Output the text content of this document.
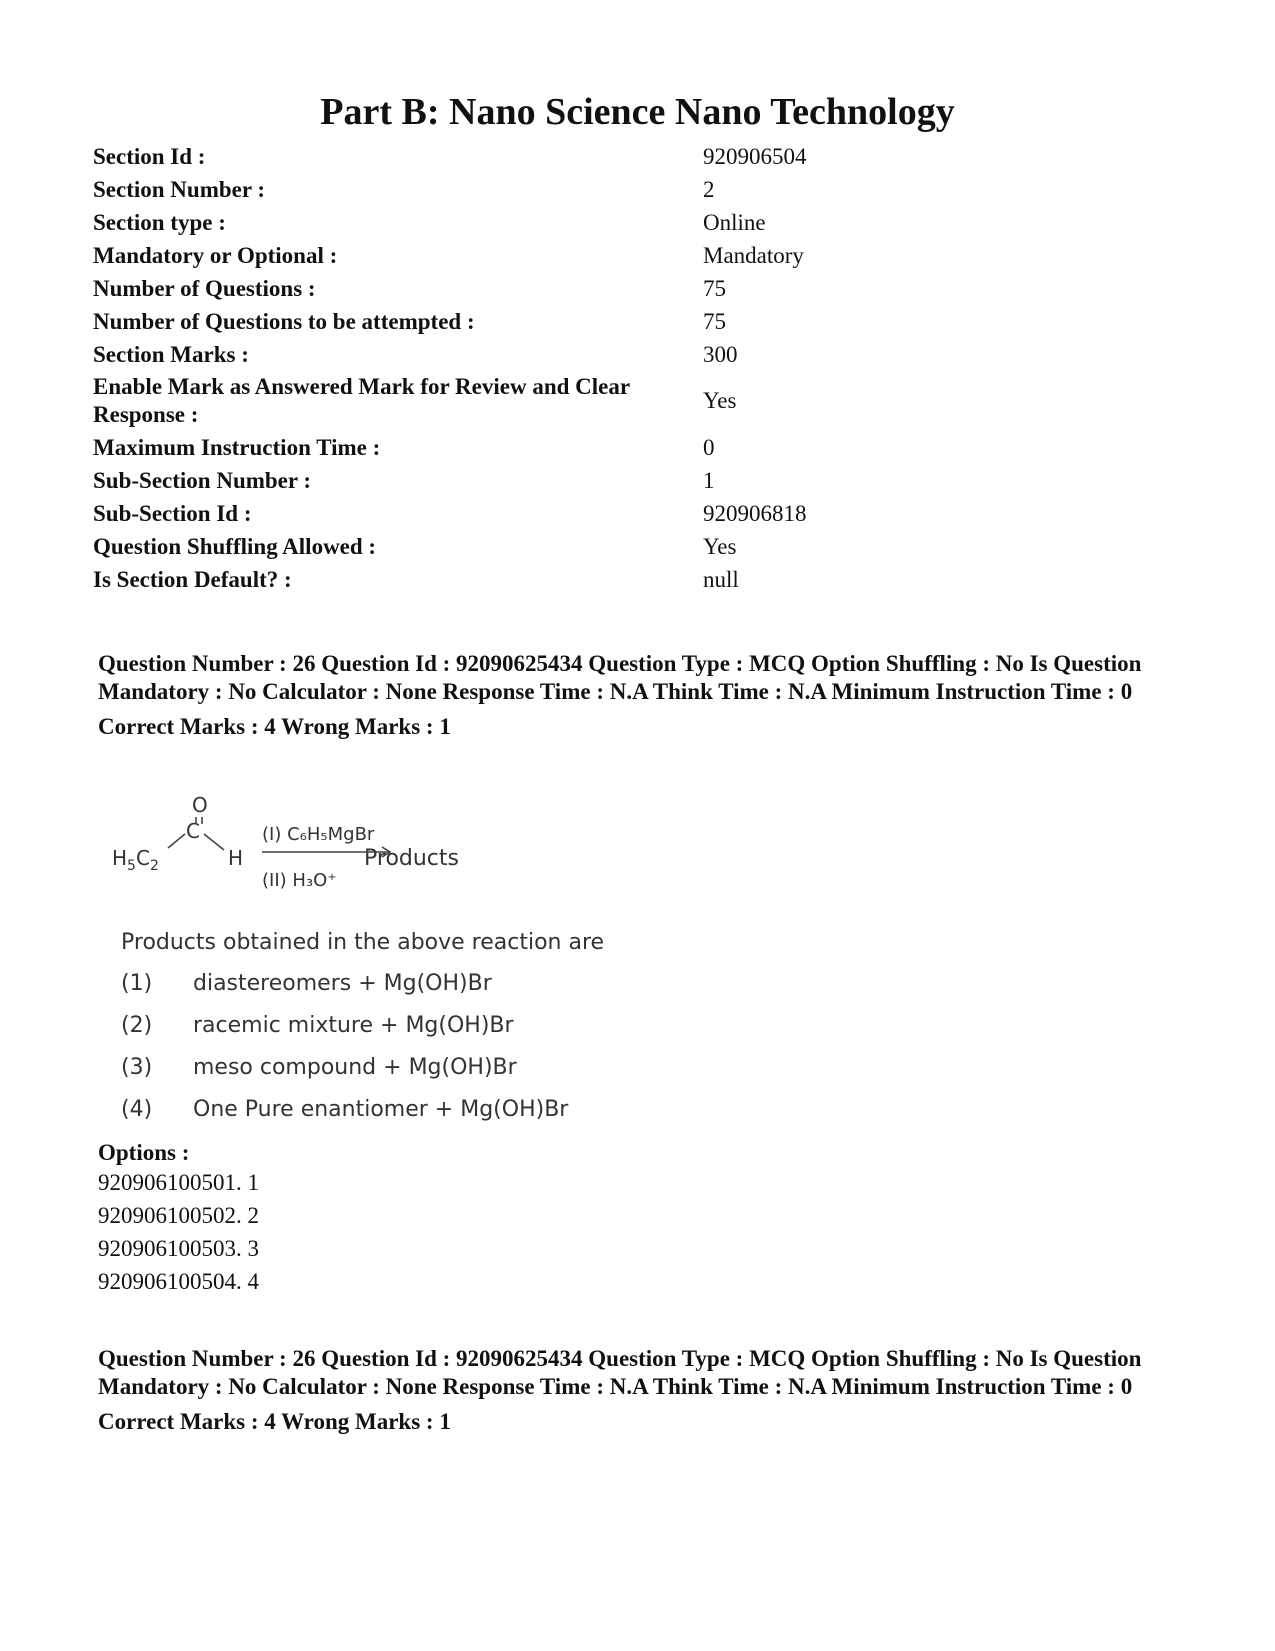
Part B: Nano Science Nano Technology
Section Id :	920906504
Section Number :	2
Section type :	Online
Mandatory or Optional :	Mandatory
Number of Questions :	75
Number of Questions to be attempted :	75
Section Marks :	300
Enable Mark as Answered Mark for Review and Clear Response :
Yes
Maximum Instruction Time :	0
Sub-Section Number :	1
Sub-Section Id :	920906818
Question Shuffling Allowed :	Yes
Is Section Default? :	null
Question Number : 26 Question Id : 92090625434 Question Type : MCQ Option Shuffling : No Is Question Mandatory : No Calculator : None Response Time : N.A Think Time : N.A Minimum Instruction Time : 0
Correct Marks : 4 Wrong Marks : 1
O
C
$H_5C_2$	H	Products
(I) C₆H₅MgBr
(II) H₃O⁺
Products obtained in the above reaction are
(1) diastereomers + Mg(OH)Br
(2) racemic mixture + Mg(OH)Br
(3) meso compound + Mg(OH)Br
(4) One Pure enantiomer + Mg(OH)Br
Options :
920906100501. 1
920906100502. 2
920906100503. 3
920906100504. 4
Question Number : 26 Question Id : 92090625434 Question Type : MCQ Option Shuffling : No Is Question Mandatory : No Calculator : None Response Time : N.A Think Time : N.A Minimum Instruction Time : 0
Correct Marks : 4 Wrong Marks : 1
